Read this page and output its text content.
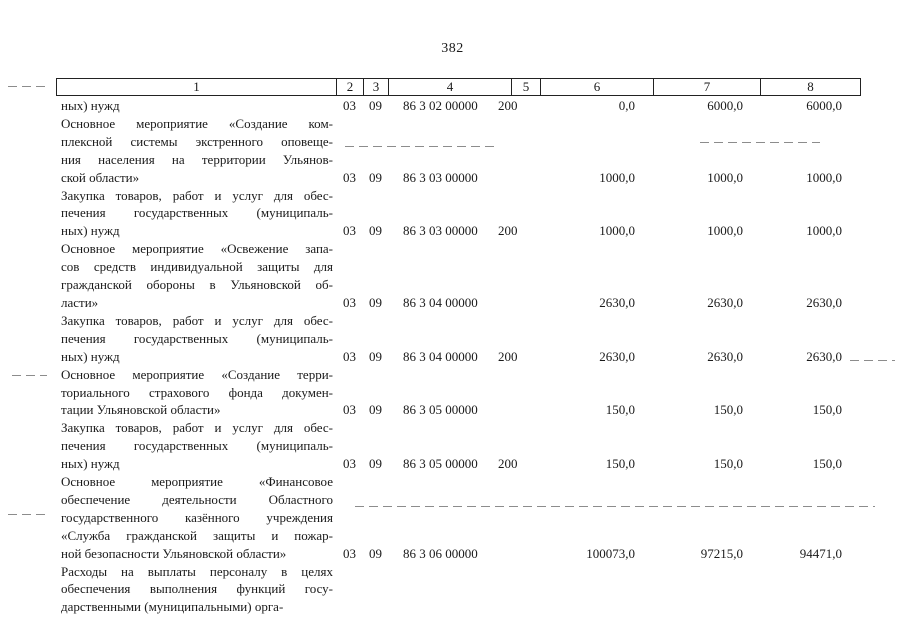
382
1	2	3	4	5	6	7	8
ных) нужд	03 09 86 3 02 00000 200	0,0	6000,0	6000,0
Основное мероприятие «Создание ком-
плексной системы экстренного оповеще-
ния населения на территории Ульянов-
ской области»	03 09 86 3 03 00000	1000,0	1000,0	1000,0
Закупка товаров, работ и услуг для обес-
печения государственных (муниципаль-
ных) нужд	03 09 86 3 03 00000 200	1000,0	1000,0	1000,0
Основное мероприятие «Освежение запа-
сов средств индивидуальной защиты для
гражданской обороны в Ульяновской об-
ласти»	03 09 86 3 04 00000	2630,0	2630,0	2630,0
Закупка товаров, работ и услуг для обес-
печения государственных (муниципаль-
ных) нужд	03 09 86 3 04 00000 200	2630,0	2630,0	2630,0
Основное мероприятие «Создание терри-
ториального страхового фонда докумен-
тации Ульяновской области»	03 09 86 3 05 00000	150,0	150,0	150,0
Закупка товаров, работ и услуг для обес-
печения государственных (муниципаль-
ных) нужд	03 09 86 3 05 00000 200	150,0	150,0	150,0
Основное мероприятие «Финансовое
обеспечение деятельности Областного
государственного казённого учреждения
«Служба гражданской защиты и пожар-
ной безопасности Ульяновской области»	03 09 86 3 06 00000	100073,0	97215,0	94471,0
Расходы на выплаты персоналу в целях
обеспечения выполнения функций госу-
дарственными (муниципальными) орга-
